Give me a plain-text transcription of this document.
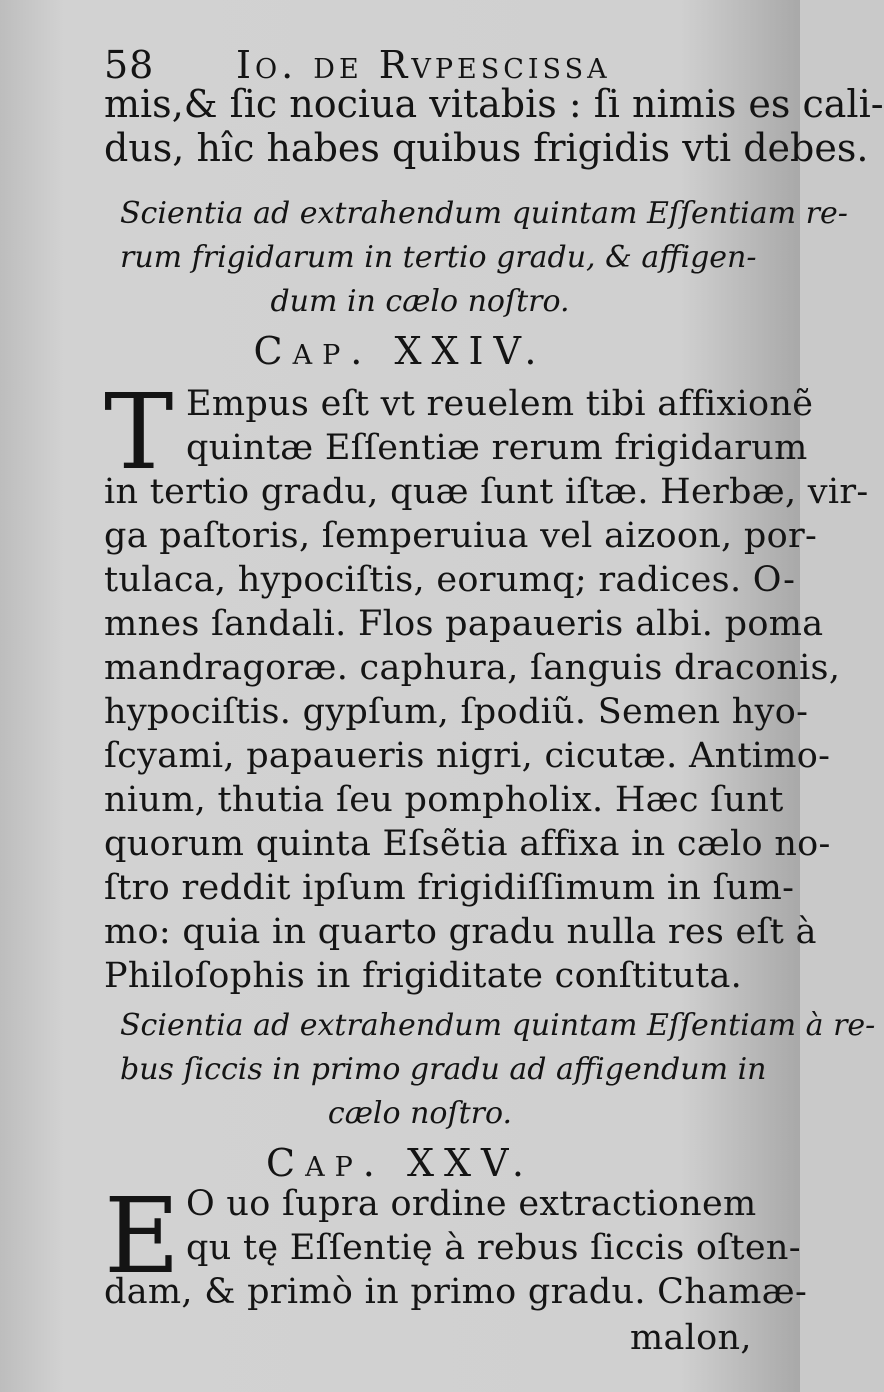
58 Io. de Rvpescissa
mis,& ſic nociua vitabis : ſi nimis es cali-
dus, hîc habes quibus frigidis vti debes.
Scientia ad extrahendum quintam Eſſentiam re-
rum frigidarum in tertio gradu, & affigen-
dum in cælo noſtro.
Cap. XXIV.
T Empus eſt vt reuelem tibi affixionẽ
quintæ Eſſentiæ rerum frigidarum
in tertio gradu, quæ ſunt iſtæ. Herbæ, vir-
ga paſtoris, ſemperuiua vel aizoon, por-
tulaca, hypociſtis, eorumq; radices. O-
mnes ſandali. Flos papaueris albi. poma
mandragoræ. caphura, ſanguis draconis,
hypociſtis. gypſum, ſpodiũ. Semen hyo-
ſcyami, papaueris nigri, cicutæ. Antimo-
nium, thutia ſeu pompholix. Hæc ſunt
quorum quinta Eſsẽtia affixa in cælo no-
ſtro reddit ipſum frigidiſſimum in ſum-
mo: quia in quarto gradu nulla res eſt à
Philoſophis in frigiditate conſtituta.
Scientia ad extrahendum quintam Eſſentiam à re-
bus ſiccis in primo gradu ad affigendum in
cælo noſtro.
Cap. XXV.
E O uo ſupra ordine extractionem
qu tę Eſſentię à rebus ſiccis oſten-
dam, & primò in primo gradu. Chamæ-
malon,
